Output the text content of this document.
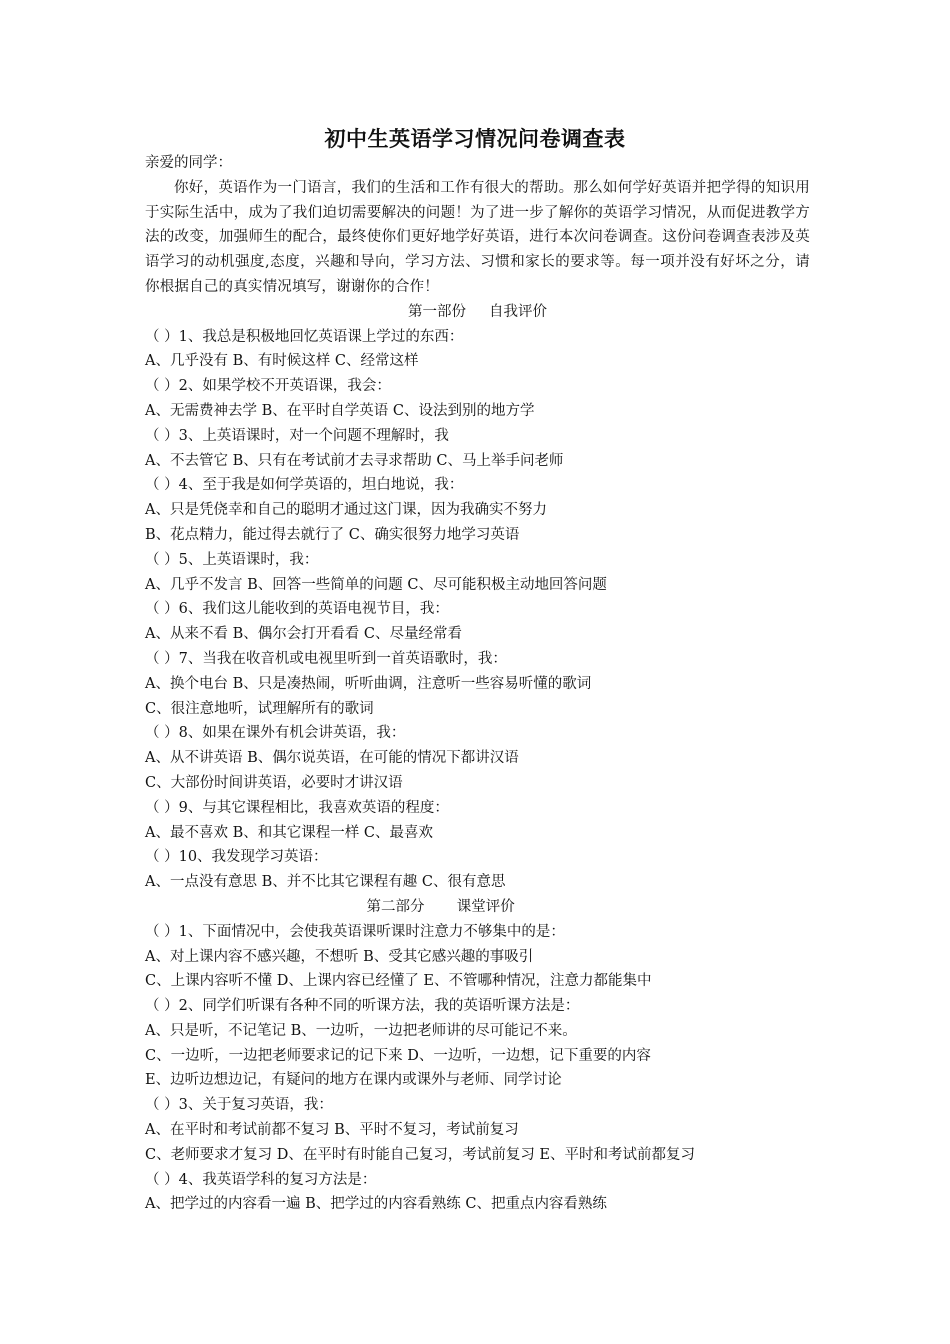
初中生英语学习情况问卷调查表
亲爱的同学：
你好，英语作为一门语言，我们的生活和工作有很大的帮助。那么如何学好英语并把学得的知识用于实际生活中，成为了我们迫切需要解决的问题！为了进一步了解你的英语学习情况，从而促进教学方法的改变，加强师生的配合，最终使你们更好地学好英语，进行本次问卷调查。这份问卷调查表涉及英语学习的动机强度,态度，兴趣和导向，学习方法、习惯和家长的要求等。每一项并没有好坏之分，请你根据自己的真实情况填写，谢谢你的合作！
第一部份     自我评价
（ ）1、我总是积极地回忆英语课上学过的东西：
A、几乎没有 B、有时候这样 C、经常这样
（ ）2、如果学校不开英语课，我会：
A、无需费神去学 B、在平时自学英语 C、设法到别的地方学
（ ）3、上英语课时，对一个问题不理解时，我
A、不去管它 B、只有在考试前才去寻求帮助 C、马上举手问老师
（ ）4、至于我是如何学英语的，坦白地说，我：
A、只是凭侥幸和自己的聪明才通过这门课，因为我确实不努力
B、花点精力，能过得去就行了 C、确实很努力地学习英语
（ ）5、上英语课时，我：
A、几乎不发言 B、回答一些简单的问题 C、尽可能积极主动地回答问题
（ ）6、我们这儿能收到的英语电视节目，我：
A、从来不看 B、偶尔会打开看看 C、尽量经常看
（ ）7、当我在收音机或电视里听到一首英语歌时，我：
A、换个电台 B、只是凑热闹，听听曲调，注意听一些容易听懂的歌词
C、很注意地听，试理解所有的歌词
（ ）8、如果在课外有机会讲英语，我：
A、从不讲英语 B、偶尔说英语，在可能的情况下都讲汉语
C、大部份时间讲英语，必要时才讲汉语
（ ）9、与其它课程相比，我喜欢英语的程度：
A、最不喜欢 B、和其它课程一样 C、最喜欢
（ ）10、我发现学习英语：
A、一点没有意思 B、并不比其它课程有趣 C、很有意思
第二部分       课堂评价
（ ）1、下面情况中，会使我英语课听课时注意力不够集中的是：
A、对上课内容不感兴趣，不想听 B、受其它感兴趣的事吸引
C、上课内容听不懂 D、上课内容已经懂了 E、不管哪种情况，注意力都能集中
（ ）2、同学们听课有各种不同的听课方法，我的英语听课方法是：
A、只是听，不记笔记 B、一边听，一边把老师讲的尽可能记不来。
C、一边听，一边把老师要求记的记下来 D、一边听，一边想，记下重要的内容
E、边听边想边记，有疑问的地方在课内或课外与老师、同学讨论
（ ）3、关于复习英语，我：
A、在平时和考试前都不复习 B、平时不复习，考试前复习
C、老师要求才复习 D、在平时有时能自己复习，考试前复习 E、平时和考试前都复习
（ ）4、我英语学科的复习方法是：
A、把学过的内容看一遍 B、把学过的内容看熟练 C、把重点内容看熟练
